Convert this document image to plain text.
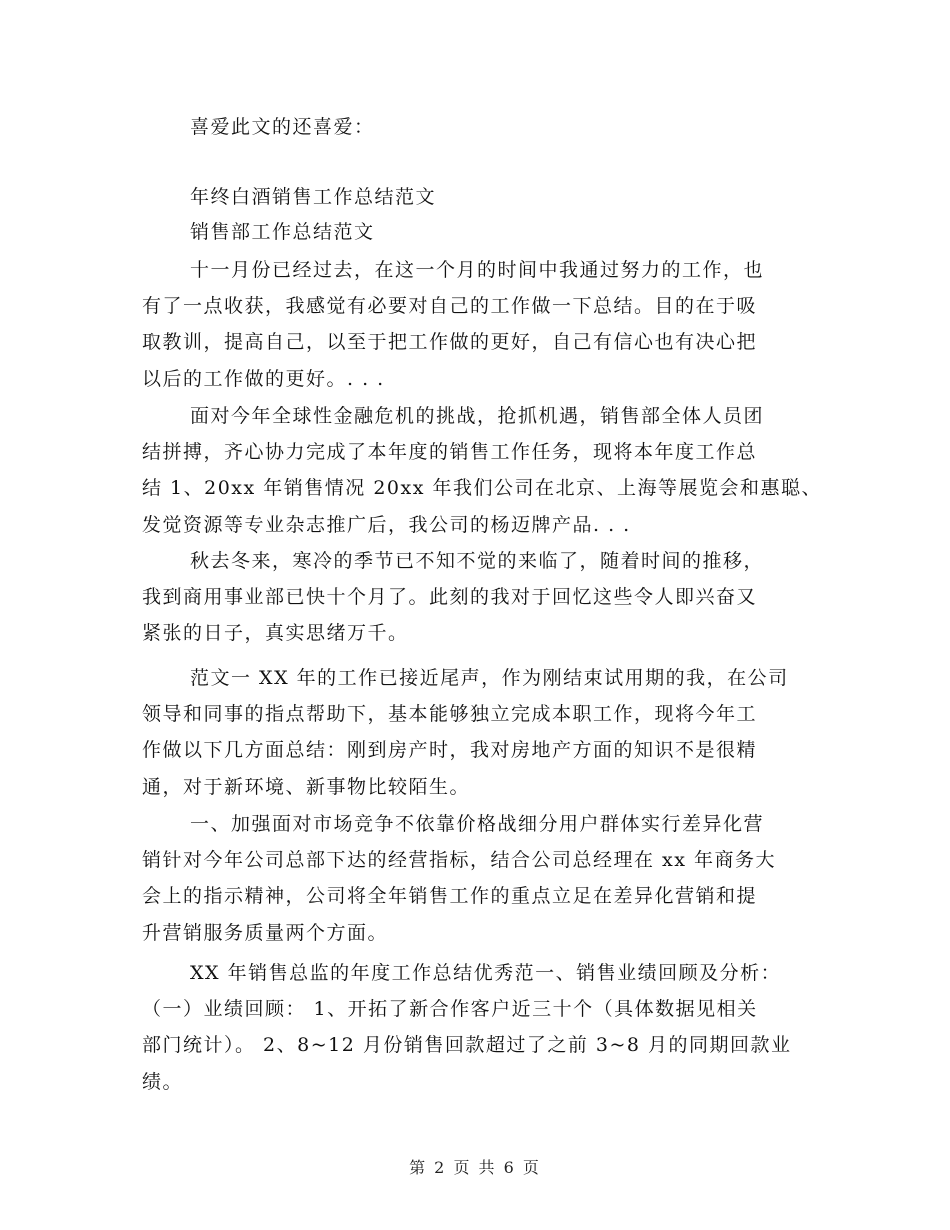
喜爱此文的还喜爱：
年终白酒销售工作总结范文
销售部工作总结范文
十一月份已经过去，在这一个月的时间中我通过努力的工作，也
有了一点收获，我感觉有必要对自己的工作做一下总结。目的在于吸
取教训，提高自己，以至于把工作做的更好，自己有信心也有决心把
以后的工作做的更好。. . .
面对今年全球性金融危机的挑战，抢抓机遇，销售部全体人员团
结拼搏，齐心协力完成了本年度的销售工作任务，现将本年度工作总
结 1、20xx 年销售情况 20xx 年我们公司在北京、上海等展览会和惠聪、
发觉资源等专业杂志推广后，我公司的杨迈牌产品. . .
秋去冬来，寒冷的季节已不知不觉的来临了，随着时间的推移，
我到商用事业部已快十个月了。此刻的我对于回忆这些令人即兴奋又
紧张的日子，真实思绪万千。
范文一 XX 年的工作已接近尾声，作为刚结束试用期的我，在公司
领导和同事的指点帮助下，基本能够独立完成本职工作，现将今年工
作做以下几方面总结：刚到房产时，我对房地产方面的知识不是很精
通，对于新环境、新事物比较陌生。
一、加强面对市场竞争不依靠价格战细分用户群体实行差异化营
销针对今年公司总部下达的经营指标，结合公司总经理在 xx 年商务大
会上的指示精神，公司将全年销售工作的重点立足在差异化营销和提
升营销服务质量两个方面。
XX 年销售总监的年度工作总结优秀范一、销售业绩回顾及分析：
（一）业绩回顾： 1、开拓了新合作客户近三十个（具体数据见相关
部门统计）。 2、8~12 月份销售回款超过了之前 3~8 月的同期回款业
绩。
第 2 页 共 6 页
